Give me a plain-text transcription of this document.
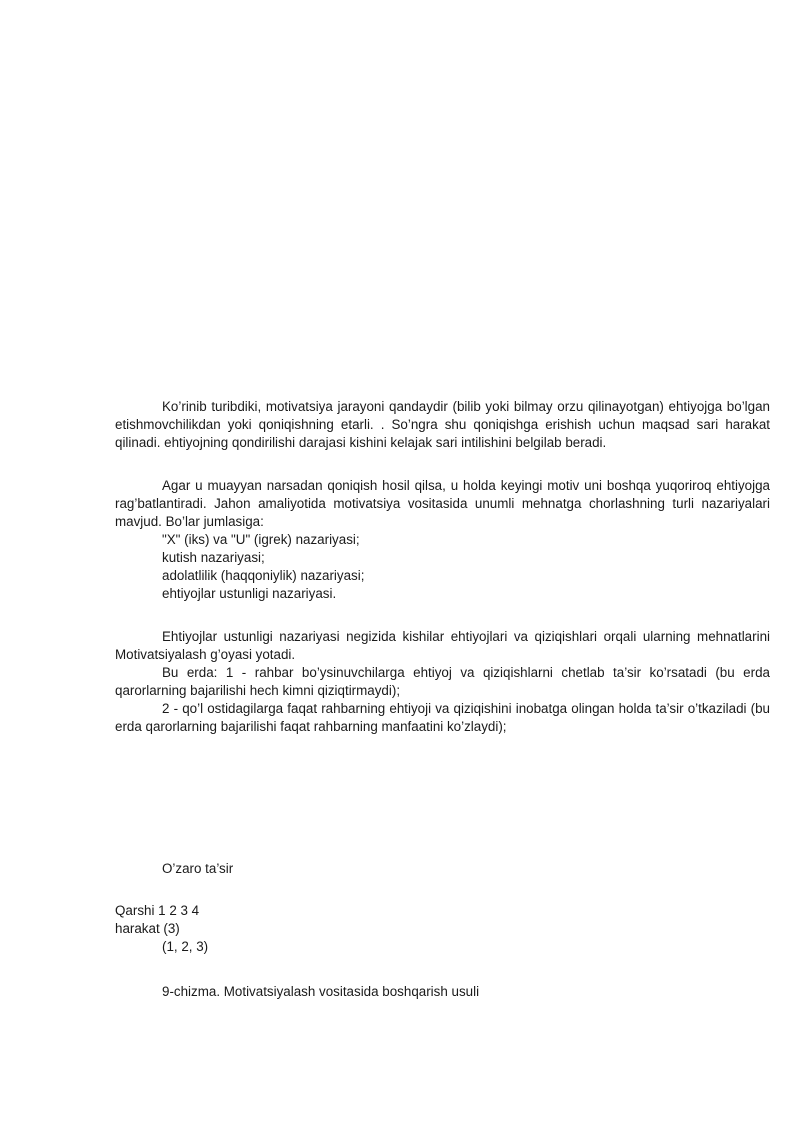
Ko’rinib turibdiki, motivatsiya jarayoni qandaydir (bilib yoki bilmay orzu qilinayotgan) ehtiyojga bo’lgan etishmovchilikdan yoki qoniqishning etarli. . So’ngra shu qoniqishga erishish uchun maqsad sari harakat qilinadi. ehtiyojning qondirilishi darajasi kishini kelajak sari intilishini belgilab beradi.

Agar u muayyan narsadan qoniqish hosil qilsa, u holda keyingi motiv uni boshqa yuqoriroq ehtiyojga rag’batlantiradi. Jahon amaliyotida motivatsiya vositasida unumli mehnatga chorlashning turli nazariyalari mavjud. Bo’lar jumlasiga:

"X" (iks) va "U" (igrek) nazariyasi;

kutish nazariyasi;

adolatlilik (haqqoniylik) nazariyasi;

ehtiyojlar ustunligi nazariyasi.

Ehtiyojlar ustunligi nazariyasi negizida kishilar ehtiyojlari va qiziqishlari orqali ularning mehnatlarini Motivatsiyalash g’oyasi yotadi.

Bu erda: 1 - rahbar bo’ysinuvchilarga ehtiyoj va qiziqishlarni chetlab ta’sir ko’rsatadi (bu erda qarorlarning bajarilishi hech kimni qiziqtirmaydi);

2 - qo’l ostidagilarga faqat rahbarning ehtiyoji va qiziqishini inobatga olingan holda ta’sir o’tkaziladi (bu erda qarorlarning bajarilishi faqat rahbarning manfaatini ko’zlaydi);

O’zaro ta’sir

Qarshi 1 2 3 4

harakat (3)

(1, 2, 3)

9-chizma. Motivatsiyalash vositasida boshqarish usuli
